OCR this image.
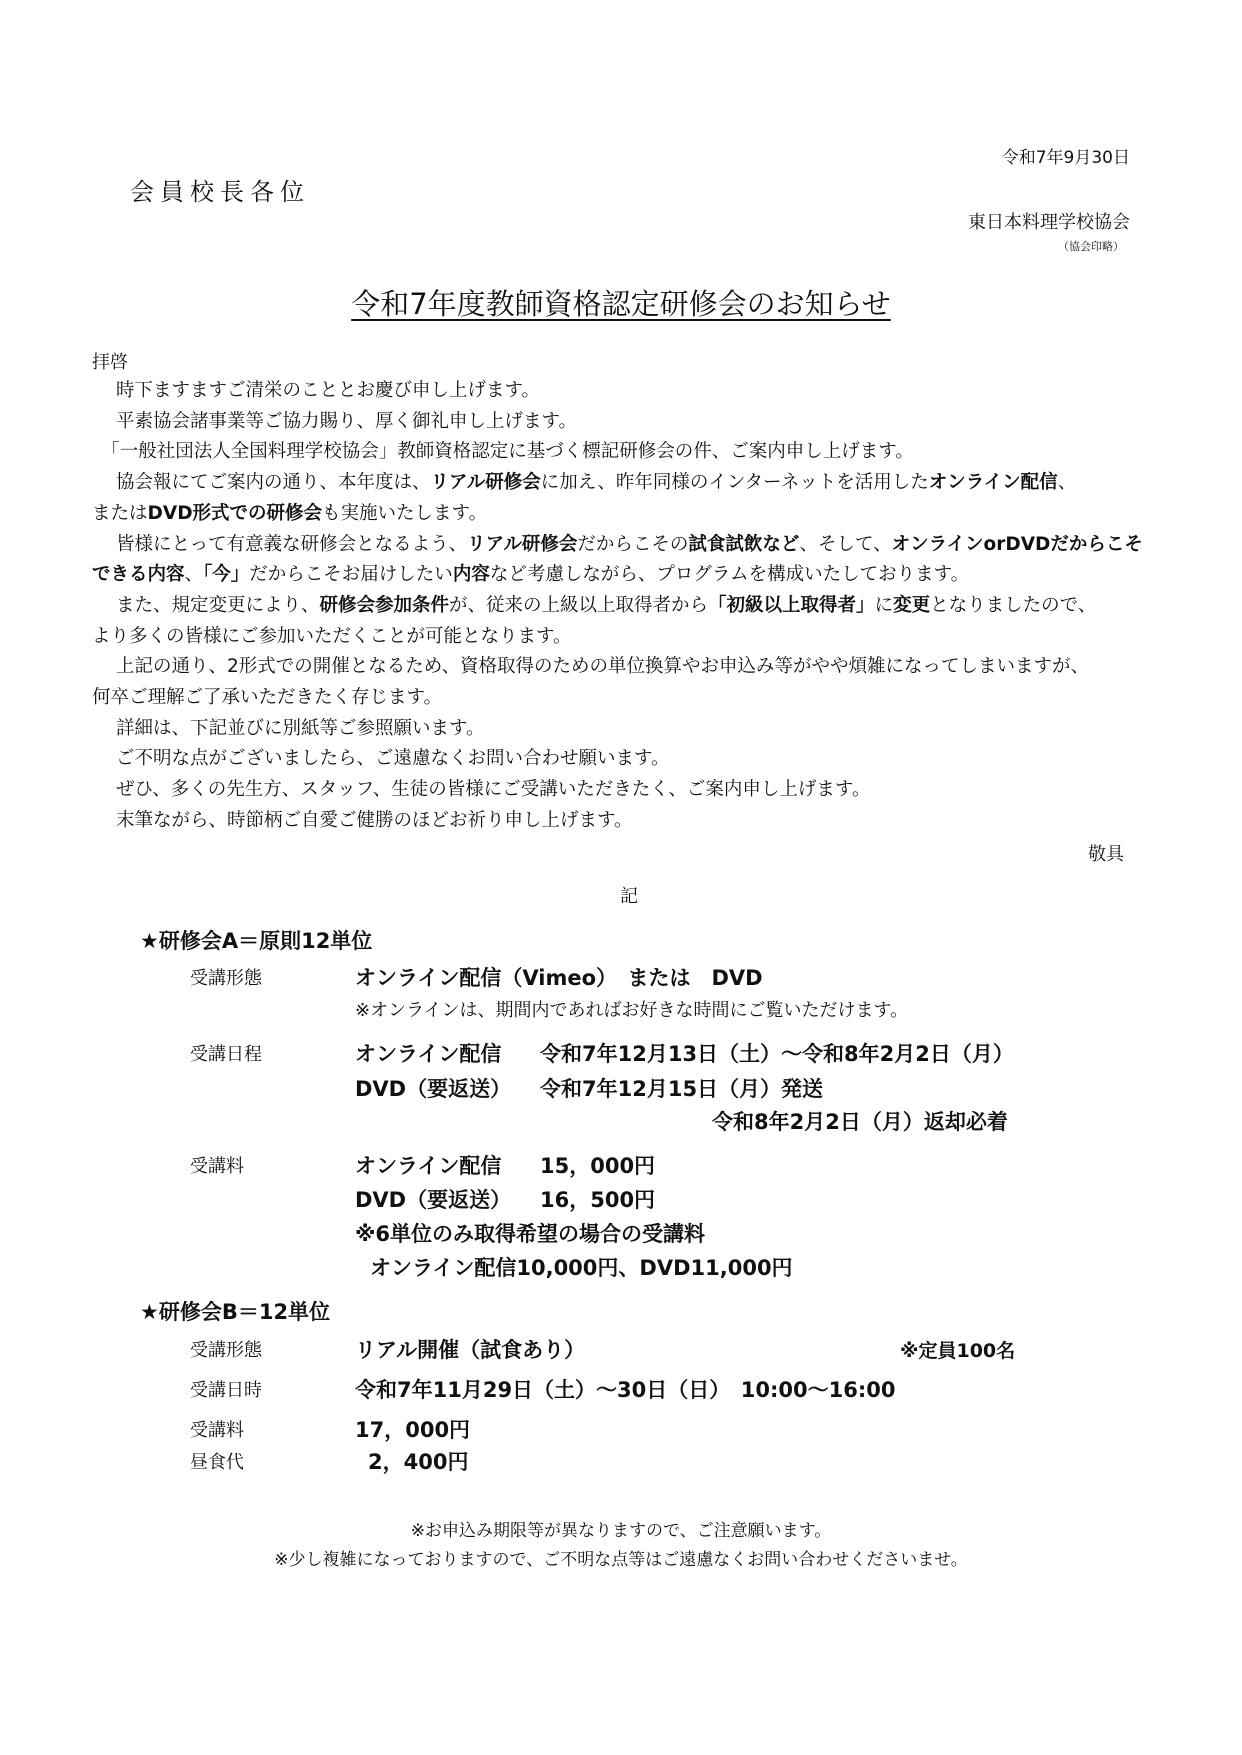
令和7年9月30日
会員校長各位
東日本料理学校協会
（協会印略）
令和7年度教師資格認定研修会のお知らせ
拝啓
時下ますますご清栄のこととお慶び申し上げます。
平素協会諸事業等ご協力賜り、厚く御礼申し上げます。
　「一般社団法人全国料理学校協会」教師資格認定に基づく標記研修会の件、ご案内申し上げます。
協会報にてご案内の通り、本年度は、リアル研修会に加え、昨年同様のインターネットを活用したオンライン配信、
またはDVD形式での研修会も実施いたします。
皆様にとって有意義な研修会となるよう、リアル研修会だからこその試食試飲など、そして、オンラインorDVDだからこそ
できる内容、「今」だからこそお届けしたい内容など考慮しながら、プログラムを構成いたしております。
また、規定変更により、研修会参加条件が、従来の上級以上取得者から「初級以上取得者」に変更となりましたので、
より多くの皆様にご参加いただくことが可能となります。
上記の通り、2形式での開催となるため、資格取得のための単位換算やお申込み等がやや煩雑になってしまいますが、
何卒ご理解ご了承いただきたく存じます。
詳細は、下記並びに別紙等ご参照願います。
ご不明な点がございましたら、ご遠慮なくお問い合わせ願います。
ぜひ、多くの先生方、スタッフ、生徒の皆様にご受講いただきたく、ご案内申し上げます。
末筆ながら、時節柄ご自愛ご健勝のほどお祈り申し上げます。
敬具
記
★研修会A＝原則12単位
受講形態	オンライン配信（Vimeo）　または　DVD
※オンラインは、期間内であればお好きな時間にご覧いただけます。
受講日程	オンライン配信 令和7年12月13日（土）～令和8年2月2日（月）
DVD（要返送） 令和7年12月15日（月）発送
令和8年2月2日（月）返却必着
受講料	オンライン配信 15，000円
DVD（要返送） 16，500円
※6単位のみ取得希望の場合の受講料
オンライン配信10,000円、DVD11,000円
★研修会B＝12単位
受講形態	リアル開催（試食あり）	※定員100名
受講日時	令和7年11月29日（土）～30日（日）　10:00～16:00
受講料	17，000円
昼食代	2，400円
※お申込み期限等が異なりますので、ご注意願います。
※少し複雑になっておりますので、ご不明な点等はご遠慮なくお問い合わせくださいませ。
